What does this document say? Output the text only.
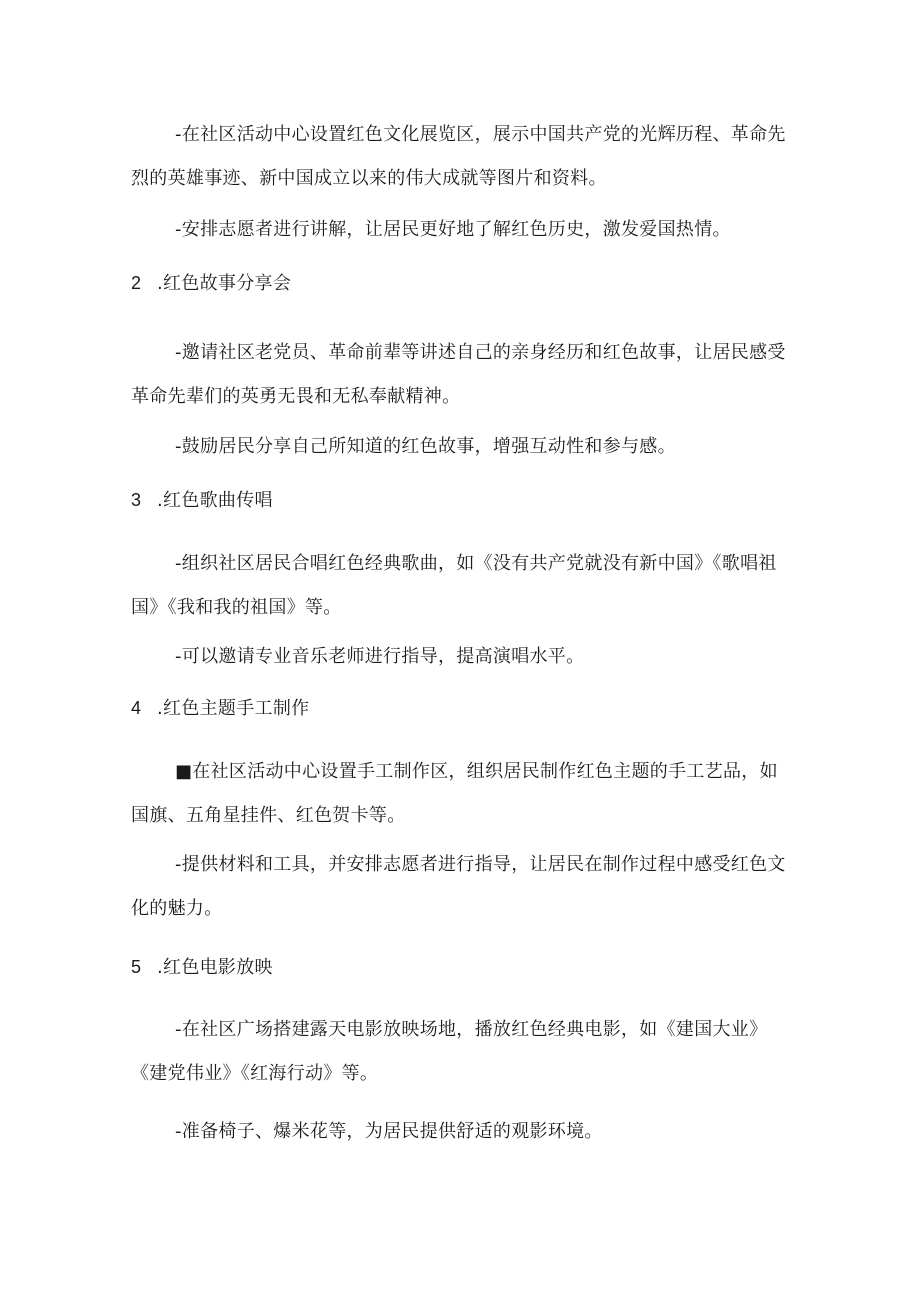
-在社区活动中心设置红色文化展览区，展示中国共产党的光辉历程、革命先烈的英雄事迹、新中国成立以来的伟大成就等图片和资料。

-安排志愿者进行讲解，让居民更好地了解红色历史，激发爱国热情。

2 .红色故事分享会

-邀请社区老党员、革命前辈等讲述自己的亲身经历和红色故事，让居民感受革命先辈们的英勇无畏和无私奉献精神。

-鼓励居民分享自己所知道的红色故事，增强互动性和参与感。

3 .红色歌曲传唱

-组织社区居民合唱红色经典歌曲，如《没有共产党就没有新中国》《歌唱祖国》《我和我的祖国》等。

-可以邀请专业音乐老师进行指导，提高演唱水平。

4 .红色主题手工制作

■在社区活动中心设置手工制作区，组织居民制作红色主题的手工艺品，如国旗、五角星挂件、红色贺卡等。

-提供材料和工具，并安排志愿者进行指导，让居民在制作过程中感受红色文化的魅力。

5 .红色电影放映

-在社区广场搭建露天电影放映场地，播放红色经典电影，如《建国大业》《建党伟业》《红海行动》等。

-准备椅子、爆米花等，为居民提供舒适的观影环境。
